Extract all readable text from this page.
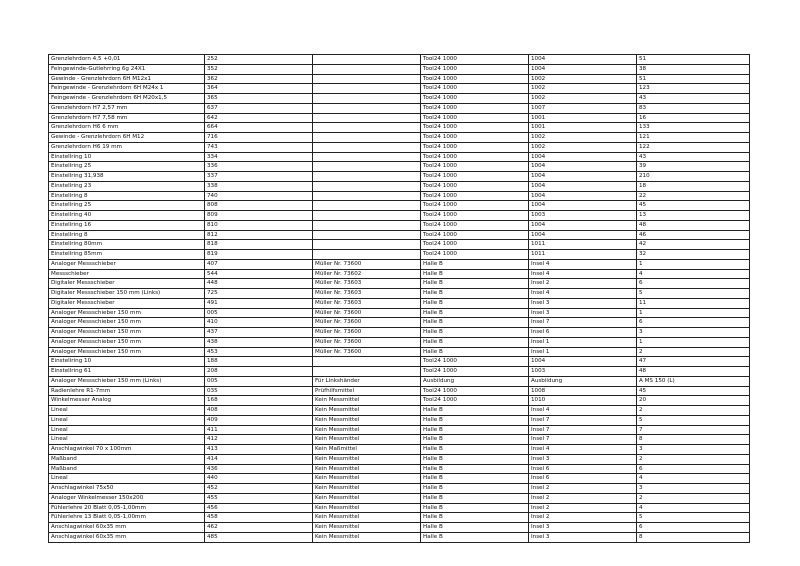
Grenzlehrdorn 4,5 +0,01	252		Tool24 1000	1004	51
Feingewinde-Gutlehrring 6g 24X1	352		Tool24 1000	1004	38
Gewinde - Grenzlehrdorn 6H M12x1	362		Tool24 1000	1002	51
Feingewinde - Grenzlehrdorn 6H M24x 1	364		Tool24 1000	1002	123
Feingewinde - Grenzlehrdorn 6H M20x1,5	365		Tool24 1000	1002	43
Grenzlehrdorn H7 2,57 mm	637		Tool24 1000	1007	83
Grenzlehrdorn H7 7,58 mm	642		Tool24 1000	1001	16
Grenzlehrdorn H6 6 mm	664		Tool24 1000	1001	133
Gewinde - Grenzlehrdorn 6H M12	716		Tool24 1000	1002	121
Grenzlehrdorn H6 19 mm	743		Tool24 1000	1002	122
Einstellring 10	334		Tool24 1000	1004	43
Einstellring 25	336		Tool24 1000	1004	39
Einstellring 31,938	337		Tool24 1000	1004	210
Einstellring 23	338		Tool24 1000	1004	18
Einstellring 8	740		Tool24 1000	1004	22
Einstellring 25	808		Tool24 1000	1004	45
Einstellring 40	809		Tool24 1000	1003	13
Einstellring 16	810		Tool24 1000	1004	48
Einstellring 8	812		Tool24 1000	1004	46
Einstellring 80mm	818		Tool24 1000	1011	42
Einstellring 85mm	819		Tool24 1000	1011	32
Analoger Messschieber	407	Müller Nr. 73600	Halle B	Insel 4	1
Messschieber	544	Müller Nr. 73602	Halle B	Insel 4	4
Digitaler Messschieber	448	Müller Nr. 73603	Halle B	Insel 2	6
Digitaler Messschieber 150 mm (Links)	725	Müller Nr. 73603	Halle B	Insel 4	5
Digitaler Messschieber	491	Müller Nr. 73603	Halle B	Insel 3	11
Analoger Messschieber 150 mm	005	Müller Nr. 73600	Halle B	Insel 3	1
Analoger Messschieber 150 mm	410	Müller Nr. 73600	Halle B	Insel 7	6
Analoger Messschieber 150 mm	437	Müller Nr. 73600	Halle B	Insel 6	3
Analoger Messschieber 150 mm	438	Müller Nr. 73600	Halle B	Insel 1	1
Analoger Messschieber 150 mm	453	Müller Nr. 73600	Halle B	Insel 1	2
Einstellring 10	188		Tool24 1000	1004	47
Einstellring 61	208		Tool24 1000	1003	48
Analoger Messschieber 150 mm (Links)	005	Für Linkshänder	Ausbildung	Ausbildung	A MS 150 (L)
Radienlehre R1-7mm	035	Prüfhilfsmittel	Tool24 1000	1008	45
Winkelmesser Analog	168	Kein Messmittel	Tool24 1000	1010	20
Lineal	408	Kein Messmittel	Halle B	Insel 4	2
Lineal	409	Kein Messmittel	Halle B	Insel 7	5
Lineal	411	Kein Messmittel	Halle B	Insel 7	7
Lineal	412	Kein Messmittel	Halle B	Insel 7	8
Anschlagwinkel 70 x 100mm	413	Kein Maßmittel	Halle B	Insel 4	3
Maßband	414	Kein Messmittel	Halle B	Insel 3	2
Maßband	436	Kein Messmittel	Halle B	Insel 6	6
Lineal	440	Kein Messmittel	Halle B	Insel 6	4
Anschlagwinkel 75x50	452	Kein Messmittel	Halle B	Insel 2	3
Analoger Winkelmesser 150x200	455	Kein Messmittel	Halle B	Insel 2	2
Fühlerlehre 20 Blatt 0,05-1,00mm	456	Kein Messmittel	Halle B	Insel 2	4
Fühlerlehre 13 Blatt 0,05-1,00mm	458	Kein Messmittel	Halle B	Insel 2	5
Anschlagwinkel 60x35 mm	462	Kein Messmittel	Halle B	Insel 3	6
Anschlagwinkel 60x35 mm	485	Kein Messmittel	Halle B	Insel 3	8
